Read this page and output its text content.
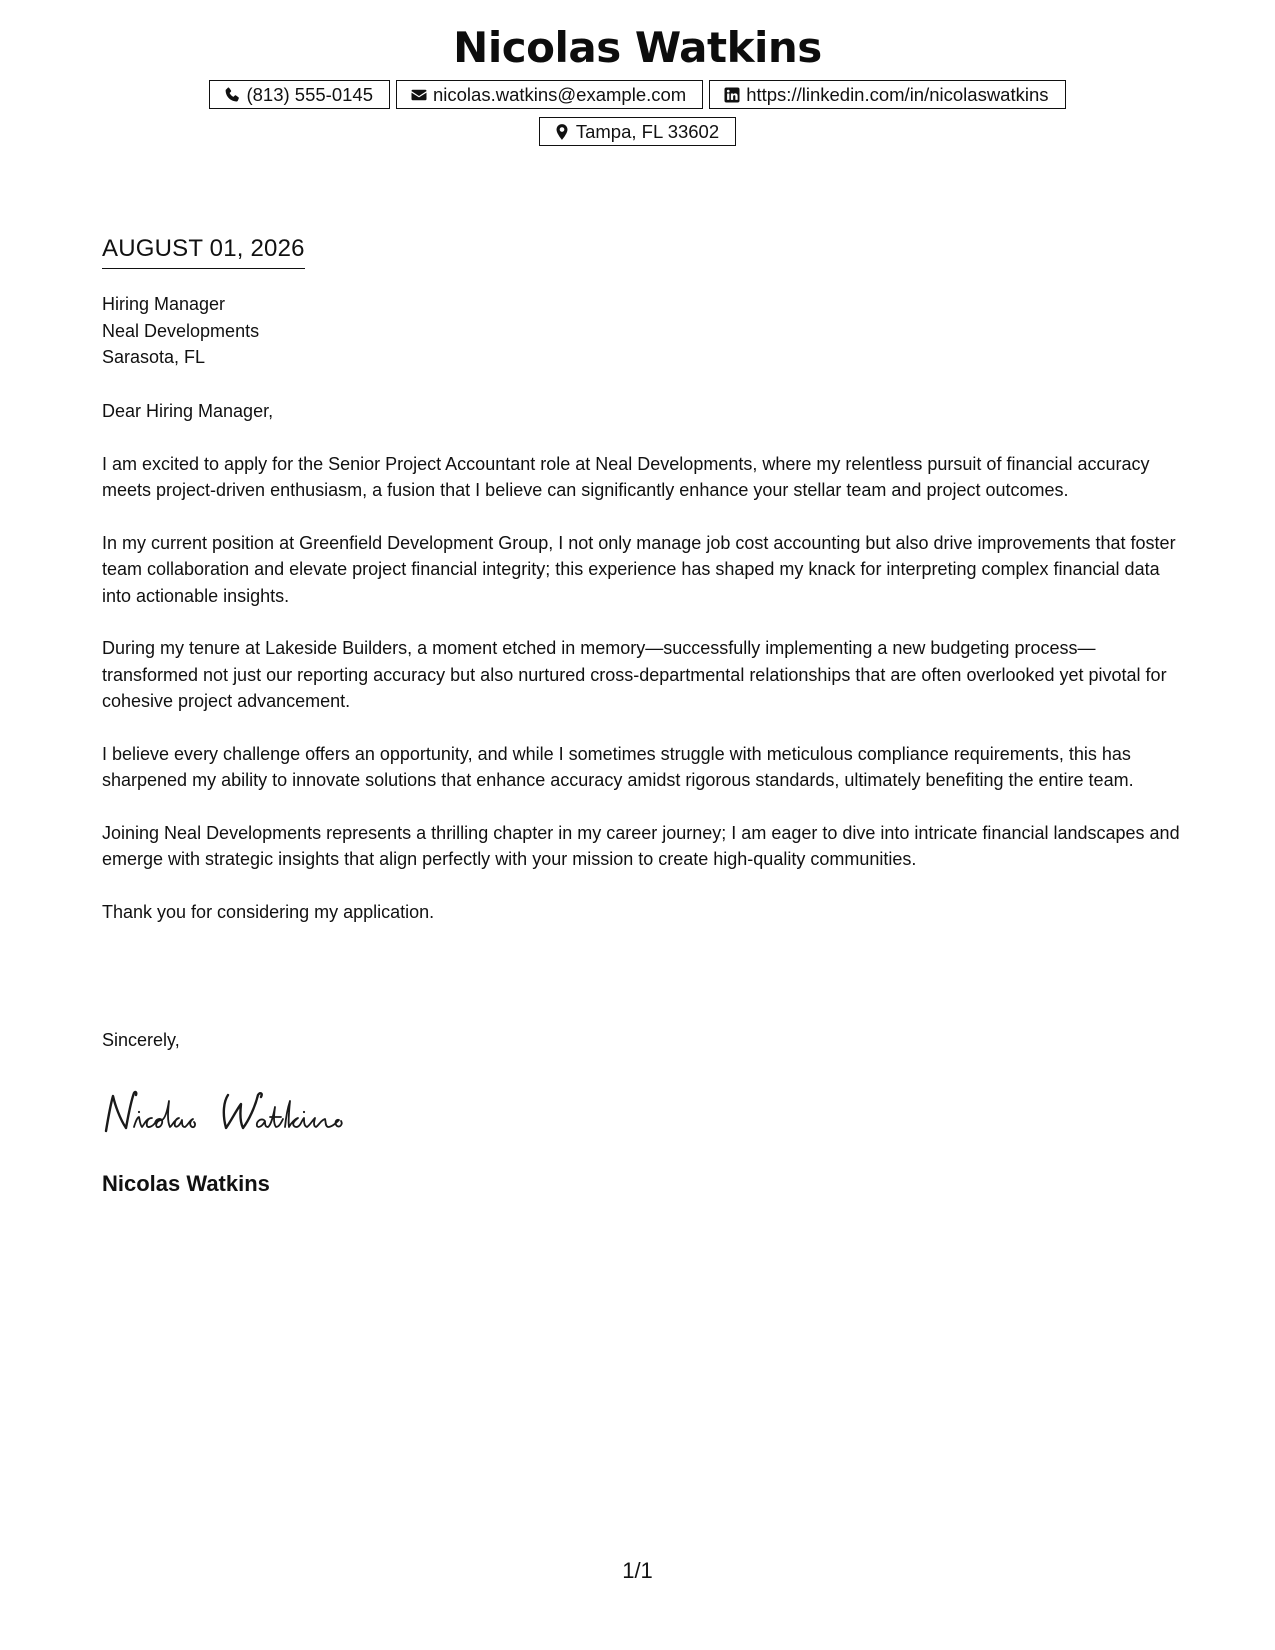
Nicolas Watkins
(813) 555-0145	nicolas.watkins@example.com	https://linkedin.com/in/nicolaswatkins
Tampa, FL 33602
AUGUST 01, 2026
Hiring Manager
Neal Developments
Sarasota, FL

Dear Hiring Manager,

I am excited to apply for the Senior Project Accountant role at Neal Developments, where my relentless pursuit of financial accuracy meets project-driven enthusiasm, a fusion that I believe can significantly enhance your stellar team and project outcomes.

In my current position at Greenfield Development Group, I not only manage job cost accounting but also drive improvements that foster team collaboration and elevate project financial integrity; this experience has shaped my knack for interpreting complex financial data into actionable insights.

During my tenure at Lakeside Builders, a moment etched in memory—successfully implementing a new budgeting process—transformed not just our reporting accuracy but also nurtured cross-departmental relationships that are often overlooked yet pivotal for cohesive project advancement.

I believe every challenge offers an opportunity, and while I sometimes struggle with meticulous compliance requirements, this has sharpened my ability to innovate solutions that enhance accuracy amidst rigorous standards, ultimately benefiting the entire team.

Joining Neal Developments represents a thrilling chapter in my career journey; I am eager to dive into intricate financial landscapes and emerge with strategic insights that align perfectly with your mission to create high-quality communities.

Thank you for considering my application.

Sincerely,
Nicolas Watkins
1/1
